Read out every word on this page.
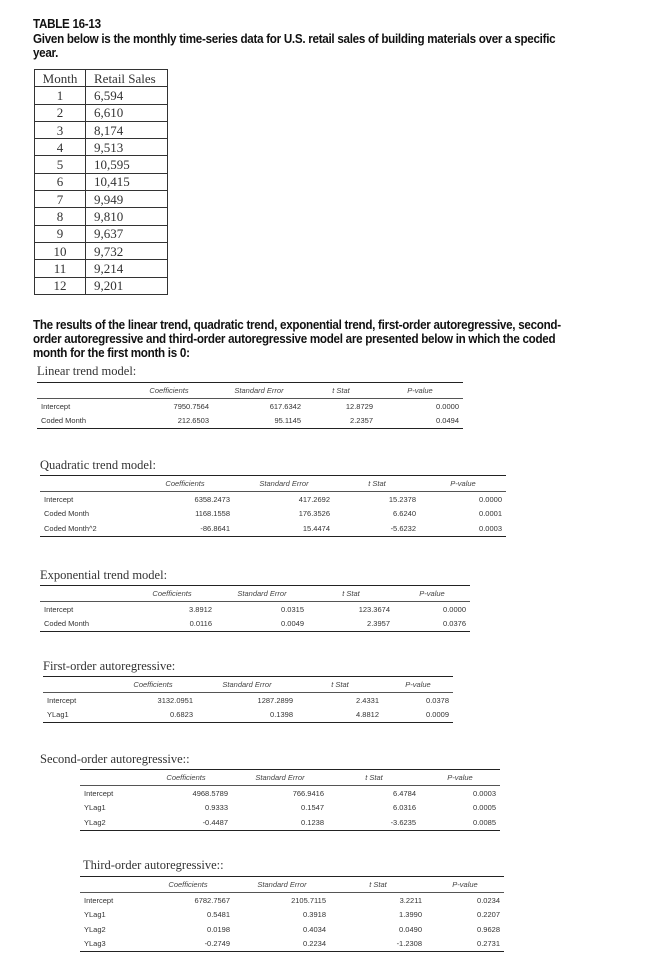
TABLE 16-13
Given below is the monthly time-series data for U.S. retail sales of building materials over a specific
year.
Month	Retail Sales
1	6,594
2	6,610
3	8,174
4	9,513
5	10,595
6	10,415
7	9,949
8	9,810
9	9,637
10	9,732
11	9,214
12	9,201
The results of the linear trend, quadratic trend, exponential trend, first-order autoregressive, second-
order autoregressive and third-order autoregressive model are presented below in which the coded
month for the first month is 0:
Linear trend model:
	Coefficients	Standard Error	t Stat	P-value
Intercept	7950.7564	617.6342	12.8729	0.0000
Coded Month	212.6503	95.1145	2.2357	0.0494
Quadratic trend model:
	Coefficients	Standard Error	t Stat	P-value
Intercept	6358.2473	417.2692	15.2378	0.0000
Coded Month	1168.1558	176.3526	6.6240	0.0001
Coded Month^2	-86.8641	15.4474	-5.6232	0.0003
Exponential trend model:
	Coefficients	Standard Error	t Stat	P-value
Intercept	3.8912	0.0315	123.3674	0.0000
Coded Month	0.0116	0.0049	2.3957	0.0376
First-order autoregressive:
	Coefficients	Standard Error	t Stat	P-value
Intercept	3132.0951	1287.2899	2.4331	0.0378
YLag1	0.6823	0.1398	4.8812	0.0009
Second-order autoregressive::
	Coefficients	Standard Error	t Stat	P-value
Intercept	4968.5789	766.9416	6.4784	0.0003
YLag1	0.9333	0.1547	6.0316	0.0005
YLag2	-0.4487	0.1238	-3.6235	0.0085
Third-order autoregressive::
	Coefficients	Standard Error	t Stat	P-value
Intercept	6782.7567	2105.7115	3.2211	0.0234
YLag1	0.5481	0.3918	1.3990	0.2207
YLag2	0.0198	0.4034	0.0490	0.9628
YLag3	-0.2749	0.2234	-1.2308	0.2731
